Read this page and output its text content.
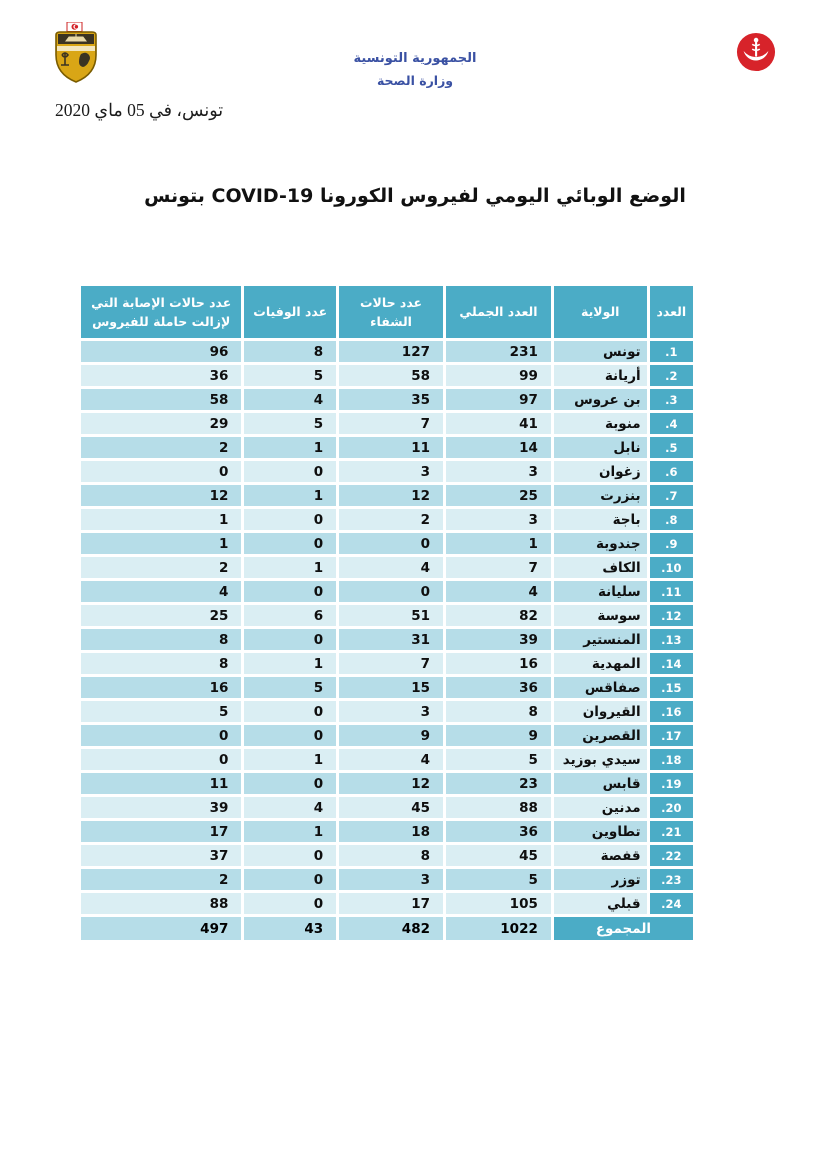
الجمهورية التونسية
وزارة الصحة
تونس، في 05 ماي 2020
الوضع الوبائي اليومي لفيروس الكورونا COVID-19 بتونس
العدد	الولاية	العدد الجملي	عدد حالات الشفاء	عدد الوفيات	عدد حالات الإصابة التي لإزالت حاملة للفيروس
.1	تونس	231	127	8	96
.2	أريانة	99	58	5	36
.3	بن عروس	97	35	4	58
.4	منوبة	41	7	5	29
.5	نابل	14	11	1	2
.6	زغوان	3	3	0	0
.7	بنزرت	25	12	1	12
.8	باجة	3	2	0	1
.9	جندوبة	1	0	0	1
.10	الكاف	7	4	1	2
.11	سليانة	4	0	0	4
.12	سوسة	82	51	6	25
.13	المنستير	39	31	0	8
.14	المهدية	16	7	1	8
.15	صفاقس	36	15	5	16
.16	القيروان	8	3	0	5
.17	القصرين	9	9	0	0
.18	سيدي بوزيد	5	4	1	0
.19	قابس	23	12	0	11
.20	مدنين	88	45	4	39
.21	تطاوين	36	18	1	17
.22	قفصة	45	8	0	37
.23	توزر	5	3	0	2
.24	قبلي	105	17	0	88
المجموع		1022	482	43	497
